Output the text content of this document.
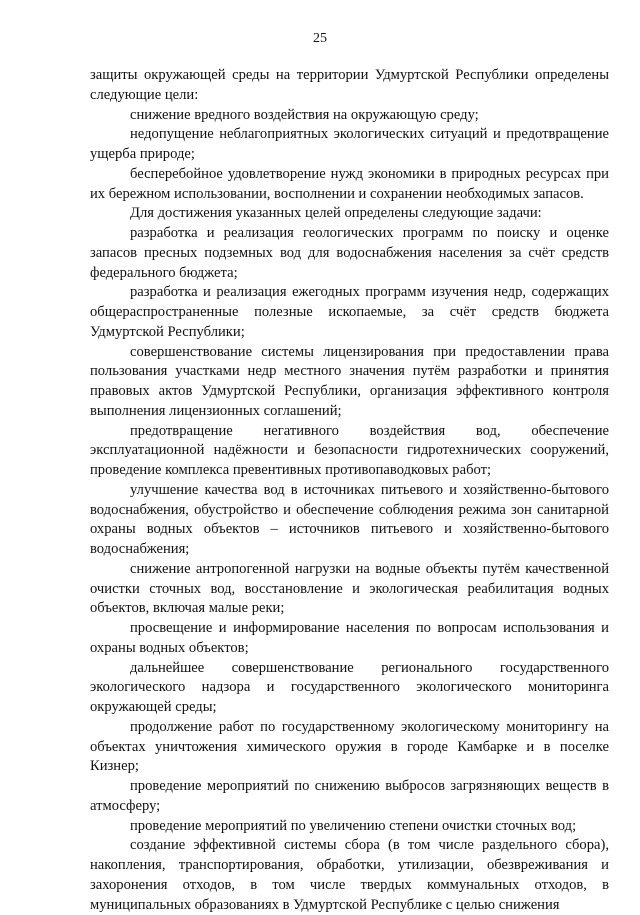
25

защиты окружающей среды на территории Удмуртской Республики определены следующие цели:

снижение вредного воздействия на окружающую среду;

недопущение неблагоприятных экологических ситуаций и предотвращение ущерба природе;

бесперебойное удовлетворение нужд экономики в природных ресурсах при их бережном использовании, восполнении и сохранении необходимых запасов.

Для достижения указанных целей определены следующие задачи:

разработка и реализация геологических программ по поиску и оценке запасов пресных подземных вод для водоснабжения населения за счёт средств федерального бюджета;

разработка и реализация ежегодных программ изучения недр, содержащих общераспространенные полезные ископаемые, за счёт средств бюджета Удмуртской Республики;

совершенствование системы лицензирования при предоставлении права пользования участками недр местного значения путём разработки и принятия правовых актов Удмуртской Республики, организация эффективного контроля выполнения лицензионных соглашений;

предотвращение негативного воздействия вод, обеспечение эксплуатационной надёжности и безопасности гидротехнических сооружений, проведение комплекса превентивных противопаводковых работ;

улучшение качества вод в источниках питьевого и хозяйственно-бытового водоснабжения, обустройство и обеспечение соблюдения режима зон санитарной охраны водных объектов – источников питьевого и хозяйственно-бытового водоснабжения;

снижение антропогенной нагрузки на водные объекты путём качественной очистки сточных вод, восстановление и экологическая реабилитация водных объектов, включая малые реки;

просвещение и информирование населения по вопросам использования и охраны водных объектов;

дальнейшее совершенствование регионального государственного экологического надзора и государственного экологического мониторинга окружающей среды;

продолжение работ по государственному экологическому мониторингу на объектах уничтожения химического оружия в городе Камбарке и в поселке Кизнер;

проведение мероприятий по снижению выбросов загрязняющих веществ в атмосферу;

проведение мероприятий по увеличению степени очистки сточных вод;

создание эффективной системы сбора (в том числе раздельного сбора), накопления, транспортирования, обработки, утилизации, обезвреживания и захоронения отходов, в том числе твердых коммунальных отходов, в муниципальных образованиях в Удмуртской Республике с целью снижения
